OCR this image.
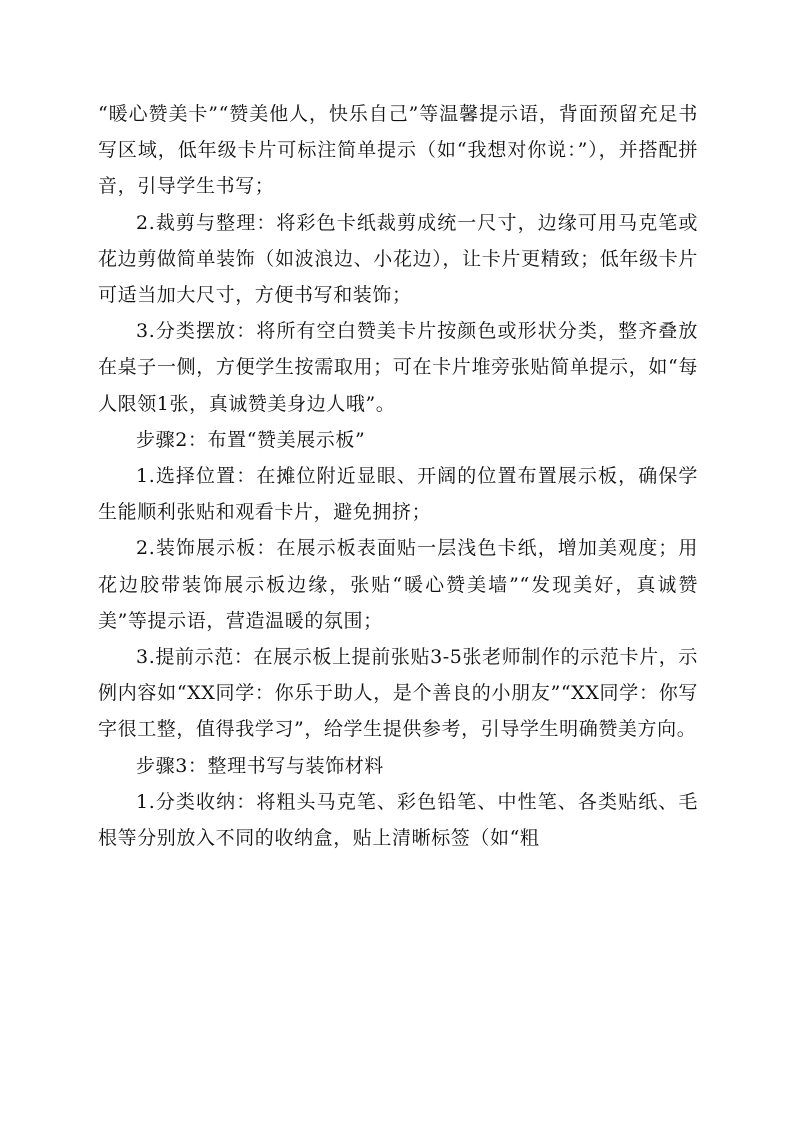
“暖心赞美卡”“赞美他人，快乐自己”等温馨提示语，背面预留充足书写区域，低年级卡片可标注简单提示（如“我想对你说：”），并搭配拼音，引导学生书写；

2.裁剪与整理：将彩色卡纸裁剪成统一尺寸，边缘可用马克笔或花边剪做简单装饰（如波浪边、小花边），让卡片更精致；低年级卡片可适当加大尺寸，方便书写和装饰；

3.分类摆放：将所有空白赞美卡片按颜色或形状分类，整齐叠放在桌子一侧，方便学生按需取用；可在卡片堆旁张贴简单提示，如“每人限领1张，真诚赞美身边人哦”。

步骤2：布置“赞美展示板”

1.选择位置：在摊位附近显眼、开阔的位置布置展示板，确保学生能顺利张贴和观看卡片，避免拥挤；

2.装饰展示板：在展示板表面贴一层浅色卡纸，增加美观度；用花边胶带装饰展示板边缘，张贴“暖心赞美墙”“发现美好，真诚赞美”等提示语，营造温暖的氛围；

3.提前示范：在展示板上提前张贴3-5张老师制作的示范卡片，示例内容如“XX同学：你乐于助人，是个善良的小朋友”“XX同学：你写字很工整，值得我学习”，给学生提供参考，引导学生明确赞美方向。

步骤3：整理书写与装饰材料

1.分类收纳：将粗头马克笔、彩色铅笔、中性笔、各类贴纸、毛根等分别放入不同的收纳盒，贴上清晰标签（如“粗
